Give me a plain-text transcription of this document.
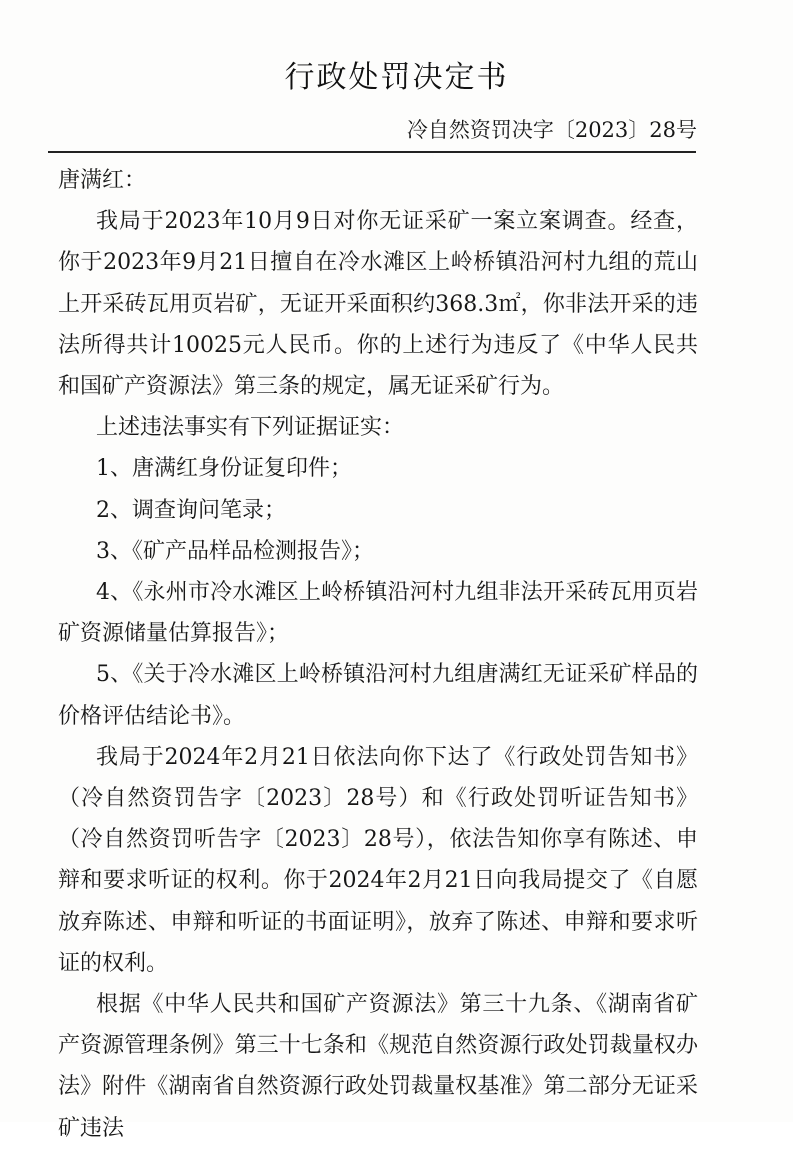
行政处罚决定书
冷自然资罚决字〔2023〕28号

唐满红：

我局于2023年10月9日对你无证采矿一案立案调查。经查，你于2023年9月21日擅自在冷水滩区上岭桥镇沿河村九组的荒山上开采砖瓦用页岩矿，无证开采面积约368.3㎡，你非法开采的违法所得共计10025元人民币。你的上述行为违反了《中华人民共和国矿产资源法》第三条的规定，属无证采矿行为。

上述违法事实有下列证据证实：

1、唐满红身份证复印件；

2、调查询问笔录；

3、《矿产品样品检测报告》；

4、《永州市冷水滩区上岭桥镇沿河村九组非法开采砖瓦用页岩矿资源储量估算报告》；

5、《关于冷水滩区上岭桥镇沿河村九组唐满红无证采矿样品的价格评估结论书》。

我局于2024年2月21日依法向你下达了《行政处罚告知书》（冷自然资罚告字〔2023〕28号）和《行政处罚听证告知书》（冷自然资罚听告字〔2023〕28号），依法告知你享有陈述、申辩和要求听证的权利。你于2024年2月21日向我局提交了《自愿放弃陈述、申辩和听证的书面证明》，放弃了陈述、申辩和要求听证的权利。

根据《中华人民共和国矿产资源法》第三十九条、《湖南省矿产资源管理条例》第三十七条和《规范自然资源行政处罚裁量权办法》附件《湖南省自然资源行政处罚裁量权基准》第二部分无证采矿违法
